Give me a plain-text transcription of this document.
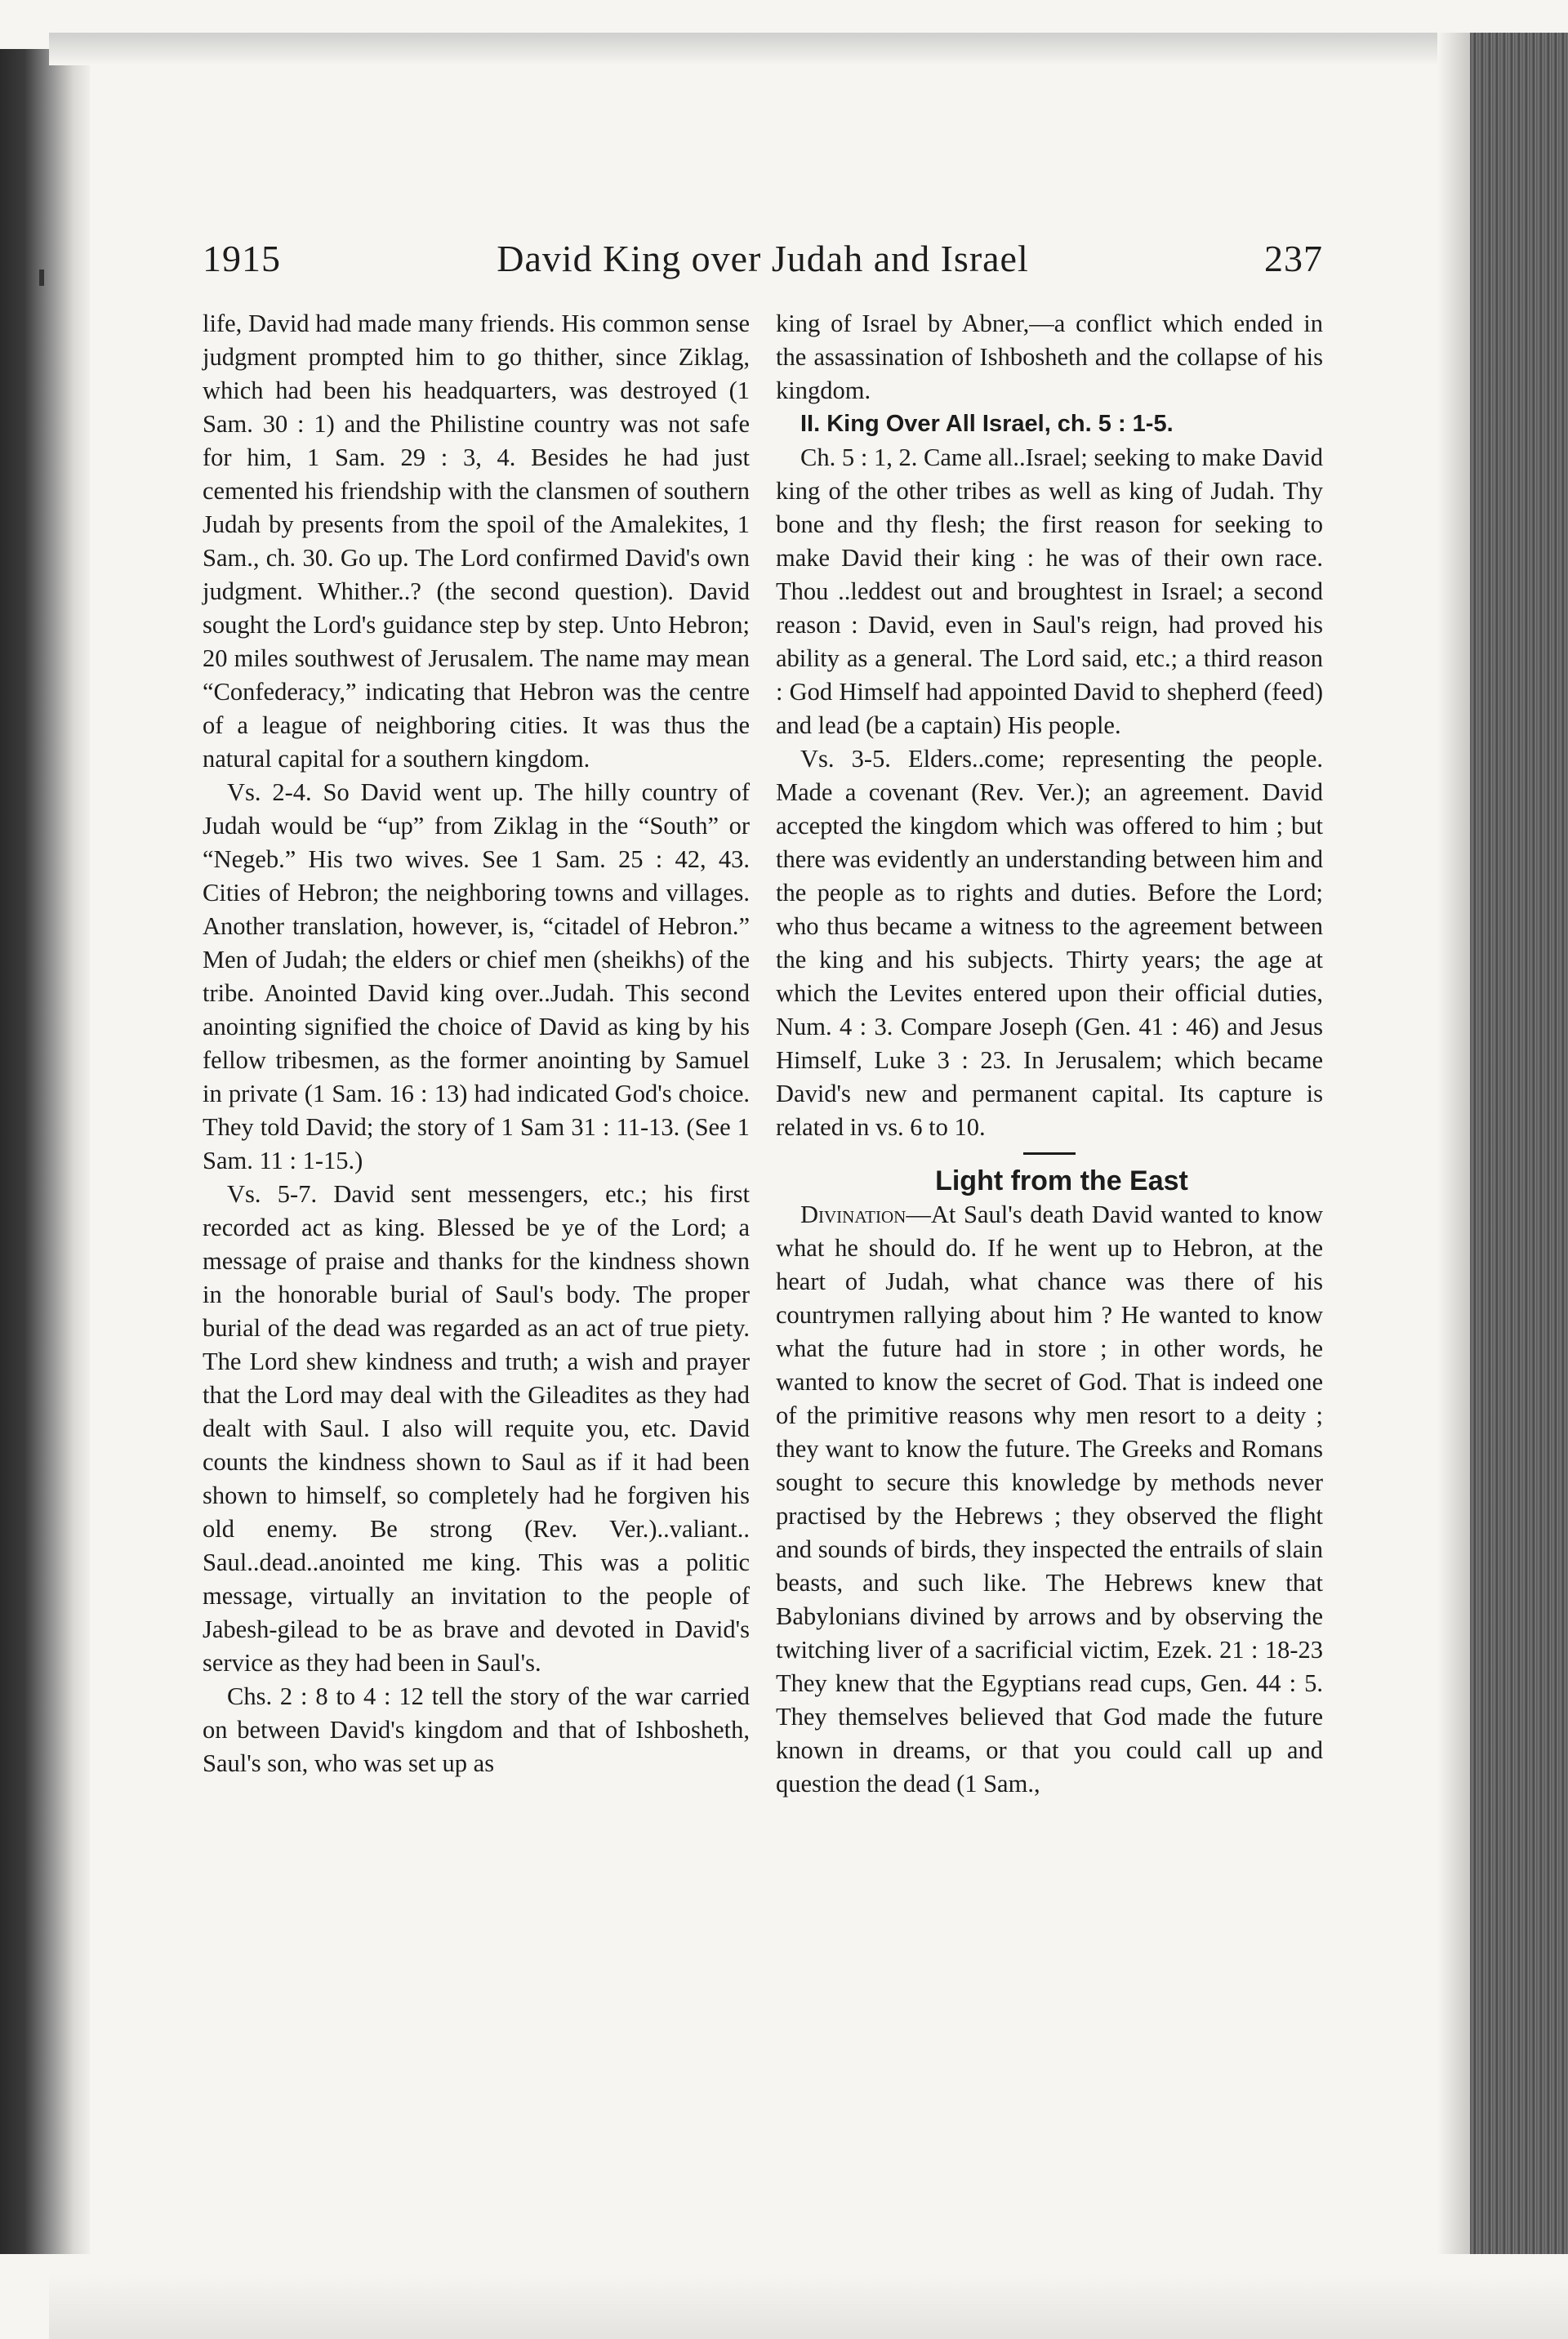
1915	David King over Judah and Israel	237

life, David had made many friends. His common sense judgment prompted him to go thither, since Ziklag, which had been his headquarters, was destroyed (1 Sam. 30 : 1) and the Philistine country was not safe for him, 1 Sam. 29 : 3, 4. Besides he had just cemented his friendship with the clansmen of southern Judah by presents from the spoil of the Amalekites, 1 Sam., ch. 30. Go up. The Lord confirmed David's own judgment. Whither..? (the second question). David sought the Lord's guidance step by step. Unto Hebron; 20 miles southwest of Jerusalem. The name may mean “Confederacy,” indicating that Hebron was the centre of a league of neighboring cities. It was thus the natural capital for a southern kingdom.

Vs. 2-4. So David went up. The hilly country of Judah would be “up” from Ziklag in the “South” or “Negeb.” His two wives. See 1 Sam. 25 : 42, 43. Cities of Hebron; the neighboring towns and villages. Another translation, however, is, “citadel of Hebron.” Men of Judah; the elders or chief men (sheikhs) of the tribe. Anointed David king over..Judah. This second anointing signified the choice of David as king by his fellow tribesmen, as the former anointing by Samuel in private (1 Sam. 16 : 13) had indicated God's choice. They told David; the story of 1 Sam 31 : 11-13. (See 1 Sam. 11 : 1-15.)

Vs. 5-7. David sent messengers, etc.; his first recorded act as king. Blessed be ye of the Lord; a message of praise and thanks for the kindness shown in the honorable burial of Saul's body. The proper burial of the dead was regarded as an act of true piety. The Lord shew kindness and truth; a wish and prayer that the Lord may deal with the Gileadites as they had dealt with Saul. I also will requite you, etc. David counts the kindness shown to Saul as if it had been shown to himself, so completely had he forgiven his old enemy. Be strong (Rev. Ver.)..valiant.. Saul..dead..anointed me king. This was a politic message, virtually an invitation to the people of Jabesh-gilead to be as brave and devoted in David's service as they had been in Saul's.

Chs. 2 : 8 to 4 : 12 tell the story of the war carried on between David's kingdom and that of Ishbosheth, Saul's son, who was set up as

king of Israel by Abner,—a conflict which ended in the assassination of Ishbosheth and the collapse of his kingdom.

II. King Over All Israel, ch. 5 : 1-5.

Ch. 5 : 1, 2. Came all..Israel; seeking to make David king of the other tribes as well as king of Judah. Thy bone and thy flesh; the first reason for seeking to make David their king : he was of their own race. Thou ..leddest out and broughtest in Israel; a second reason : David, even in Saul's reign, had proved his ability as a general. The Lord said, etc.; a third reason : God Himself had appointed David to shepherd (feed) and lead (be a captain) His people.

Vs. 3-5. Elders..come; representing the people. Made a covenant (Rev. Ver.); an agreement. David accepted the kingdom which was offered to him ; but there was evidently an understanding between him and the people as to rights and duties. Before the Lord; who thus became a witness to the agreement between the king and his subjects. Thirty years; the age at which the Levites entered upon their official duties, Num. 4 : 3. Compare Joseph (Gen. 41 : 46) and Jesus Himself, Luke 3 : 23. In Jerusalem; which became David's new and permanent capital. Its capture is related in vs. 6 to 10.

Light from the East

Divination—At Saul's death David wanted to know what he should do. If he went up to Hebron, at the heart of Judah, what chance was there of his countrymen rallying about him ? He wanted to know what the future had in store ; in other words, he wanted to know the secret of God. That is indeed one of the primitive reasons why men resort to a deity ; they want to know the future. The Greeks and Romans sought to secure this knowledge by methods never practised by the Hebrews ; they observed the flight and sounds of birds, they inspected the entrails of slain beasts, and such like. The Hebrews knew that Babylonians divined by arrows and by observing the twitching liver of a sacrificial victim, Ezek. 21 : 18-23 They knew that the Egyptians read cups, Gen. 44 : 5. They themselves believed that God made the future known in dreams, or that you could call up and question the dead (1 Sam.,
